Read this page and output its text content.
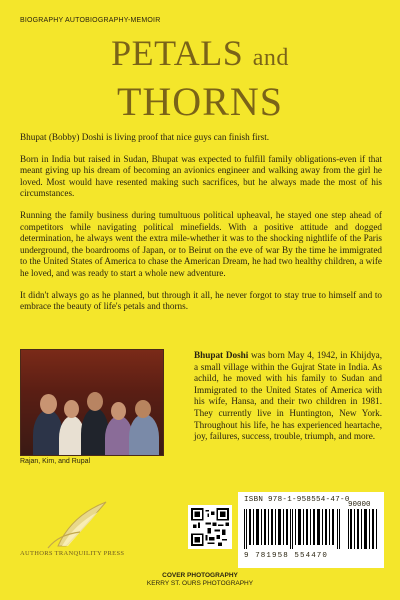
BIOGRAPHY AUTOBIOGRAPHY-MEMOIR
PETALS and
THORNS

Bhupat (Bobby) Doshi is living proof that nice guys can finish first.

Born in India but raised in Sudan, Bhupat was expected to fulfill family obligations-even if that meant giving up his dream of becoming an avionics engineer and walking away from the girl he loved. Most would have resented making such sacrifices, but he always made the most of his circumstances.

Running the family business during tumultuous political upheaval, he stayed one step ahead of competitors while navigating political minefields. With a positive attitude and dogged determination, he always went the extra mile-whether it was to the shocking nightlife of the Paris underground, the boardrooms of Japan, or to Beirut on the eve of war By the time he immigrated to the United States of America to chase the American Dream, he had two healthy children, a wife he loved, and was ready to start a whole new adventure.

It didn't always go as he planned, but through it all, he never forgot to stay true to himself and to embrace the beauty of life's petals and thorns.

Rajan, Kim, and Rupal
Bhupat Doshi was born May 4, 1942, in Khijdya, a small village within the Gujrat State in India. As achild, he moved with his family to Sudan and Immigrated to the United States of America with his wife, Hansa, and their two children in 1981. They currently live in Huntington, New York. Throughout his life, he has experienced heartache, joy, failures, success, trouble, triumph, and more.
AUTHORS TRANQUILITY PRESS
ISBN 978-1-958554-47-0
90000
9 781958 554470
COVER PHOTOGRAPHY
KERRY ST. OURS PHOTOGRAPHY
